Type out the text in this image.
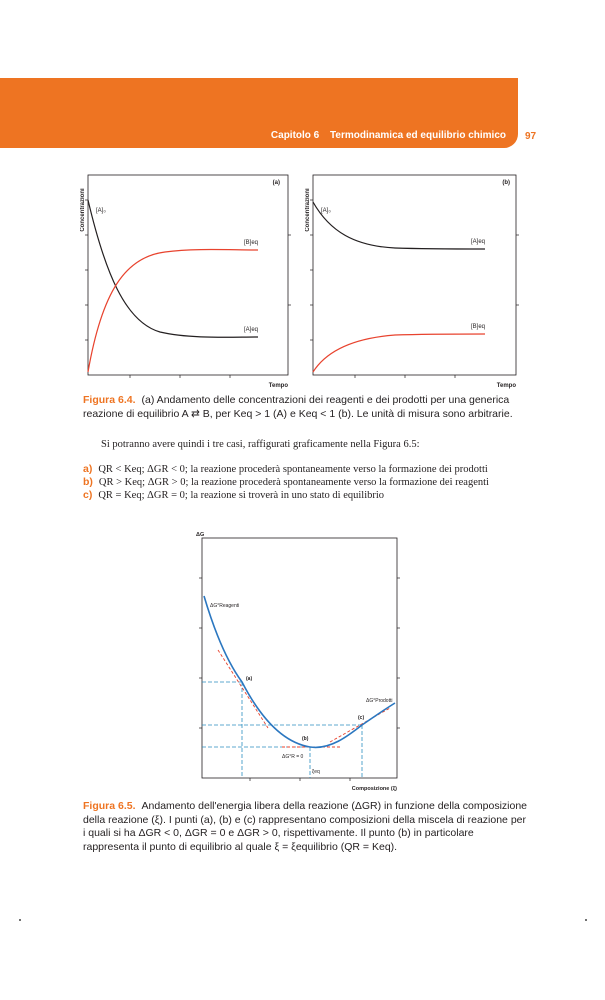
Capitolo 6 Termodinamica ed equilibrio chimico 97
(a)
[A]₀
[B]eq
[A]eq
Tempo
Concentrazioni
(b)
[A]₀
[A]eq
[B]eq
Tempo
Concentrazioni
Figura 6.4. (a) Andamento delle concentrazioni dei reagenti e dei prodotti per una generica reazione di equilibrio A ⇄ B, per Keq > 1 (A) e Keq < 1 (b). Le unità di misura sono arbitrarie.
Si potranno avere quindi i tre casi, raffigurati graficamente nella Figura 6.5:
a) QR < Keq; ΔGR < 0; la reazione procederà spontaneamente verso la formazione dei prodotti
b) QR > Keq; ΔGR > 0; la reazione procederà spontaneamente verso la formazione dei reagenti
c) QR = Keq; ΔGR = 0; la reazione si troverà in uno stato di equilibrio
ΔG
ΔG°Reagenti
ΔG°Prodotti
(a)
(b)
(c)
ΔG°R = 0
ξeq
Composizione (ξ)
Figura 6.5. Andamento dell'energia libera della reazione (ΔGR) in funzione della composizione della reazione (ξ). I punti (a), (b) e (c) rappresentano composizioni della miscela di reazione per i quali si ha ΔGR < 0, ΔGR = 0 e ΔGR > 0, rispettivamente. Il punto (b) in particolare rappresenta il punto di equilibrio al quale ξ = ξequilibrio (QR = Keq).
